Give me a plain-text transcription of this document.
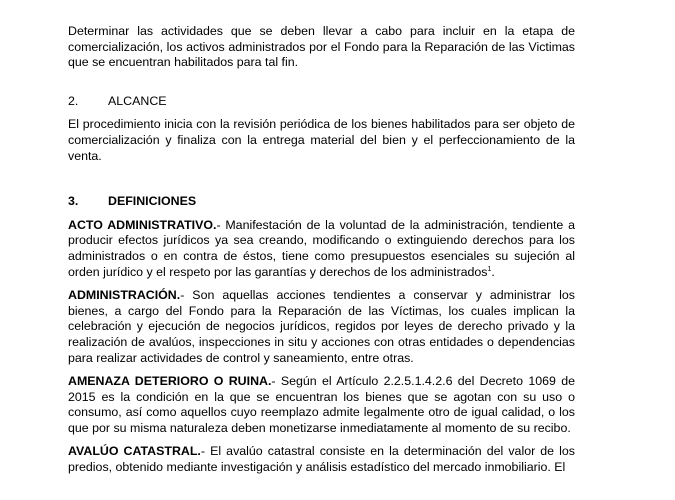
Determinar las actividades que se deben llevar a cabo para incluir en la etapa de comercialización, los activos administrados por el Fondo para la Reparación de las Victimas que se encuentran habilitados para tal fin.

2.	ALCANCE

El procedimiento inicia con la revisión periódica de los bienes habilitados para ser objeto de comercialización y finaliza con la entrega material del bien y el perfeccionamiento de la venta.

3.	DEFINICIONES

ACTO ADMINISTRATIVO.- Manifestación de la voluntad de la administración, tendiente a producir efectos jurídicos ya sea creando, modificando o extinguiendo derechos para los administrados o en contra de éstos, tiene como presupuestos esenciales su sujeción al orden jurídico y el respeto por las garantías y derechos de los administrados$^1$.

ADMINISTRACIÓN.- Son aquellas acciones tendientes a conservar y administrar los bienes, a cargo del Fondo para la Reparación de las Víctimas, los cuales implican la celebración y ejecución de negocios jurídicos, regidos por leyes de derecho privado y la realización de avalúos, inspecciones in situ y acciones con otras entidades o dependencias para realizar actividades de control y saneamiento, entre otras.

AMENAZA DETERIORO O RUINA.- Según el Artículo 2.2.5.1.4.2.6 del Decreto 1069 de 2015 es la condición en la que se encuentran los bienes que se agotan con su uso o consumo, así como aquellos cuyo reemplazo admite legalmente otro de igual calidad, o los que por su misma naturaleza deben monetizarse inmediatamente al momento de su recibo.

AVALÚO CATASTRAL.- El avalúo catastral consiste en la determinación del valor de los predios, obtenido mediante investigación y análisis estadístico del mercado inmobiliario. El
